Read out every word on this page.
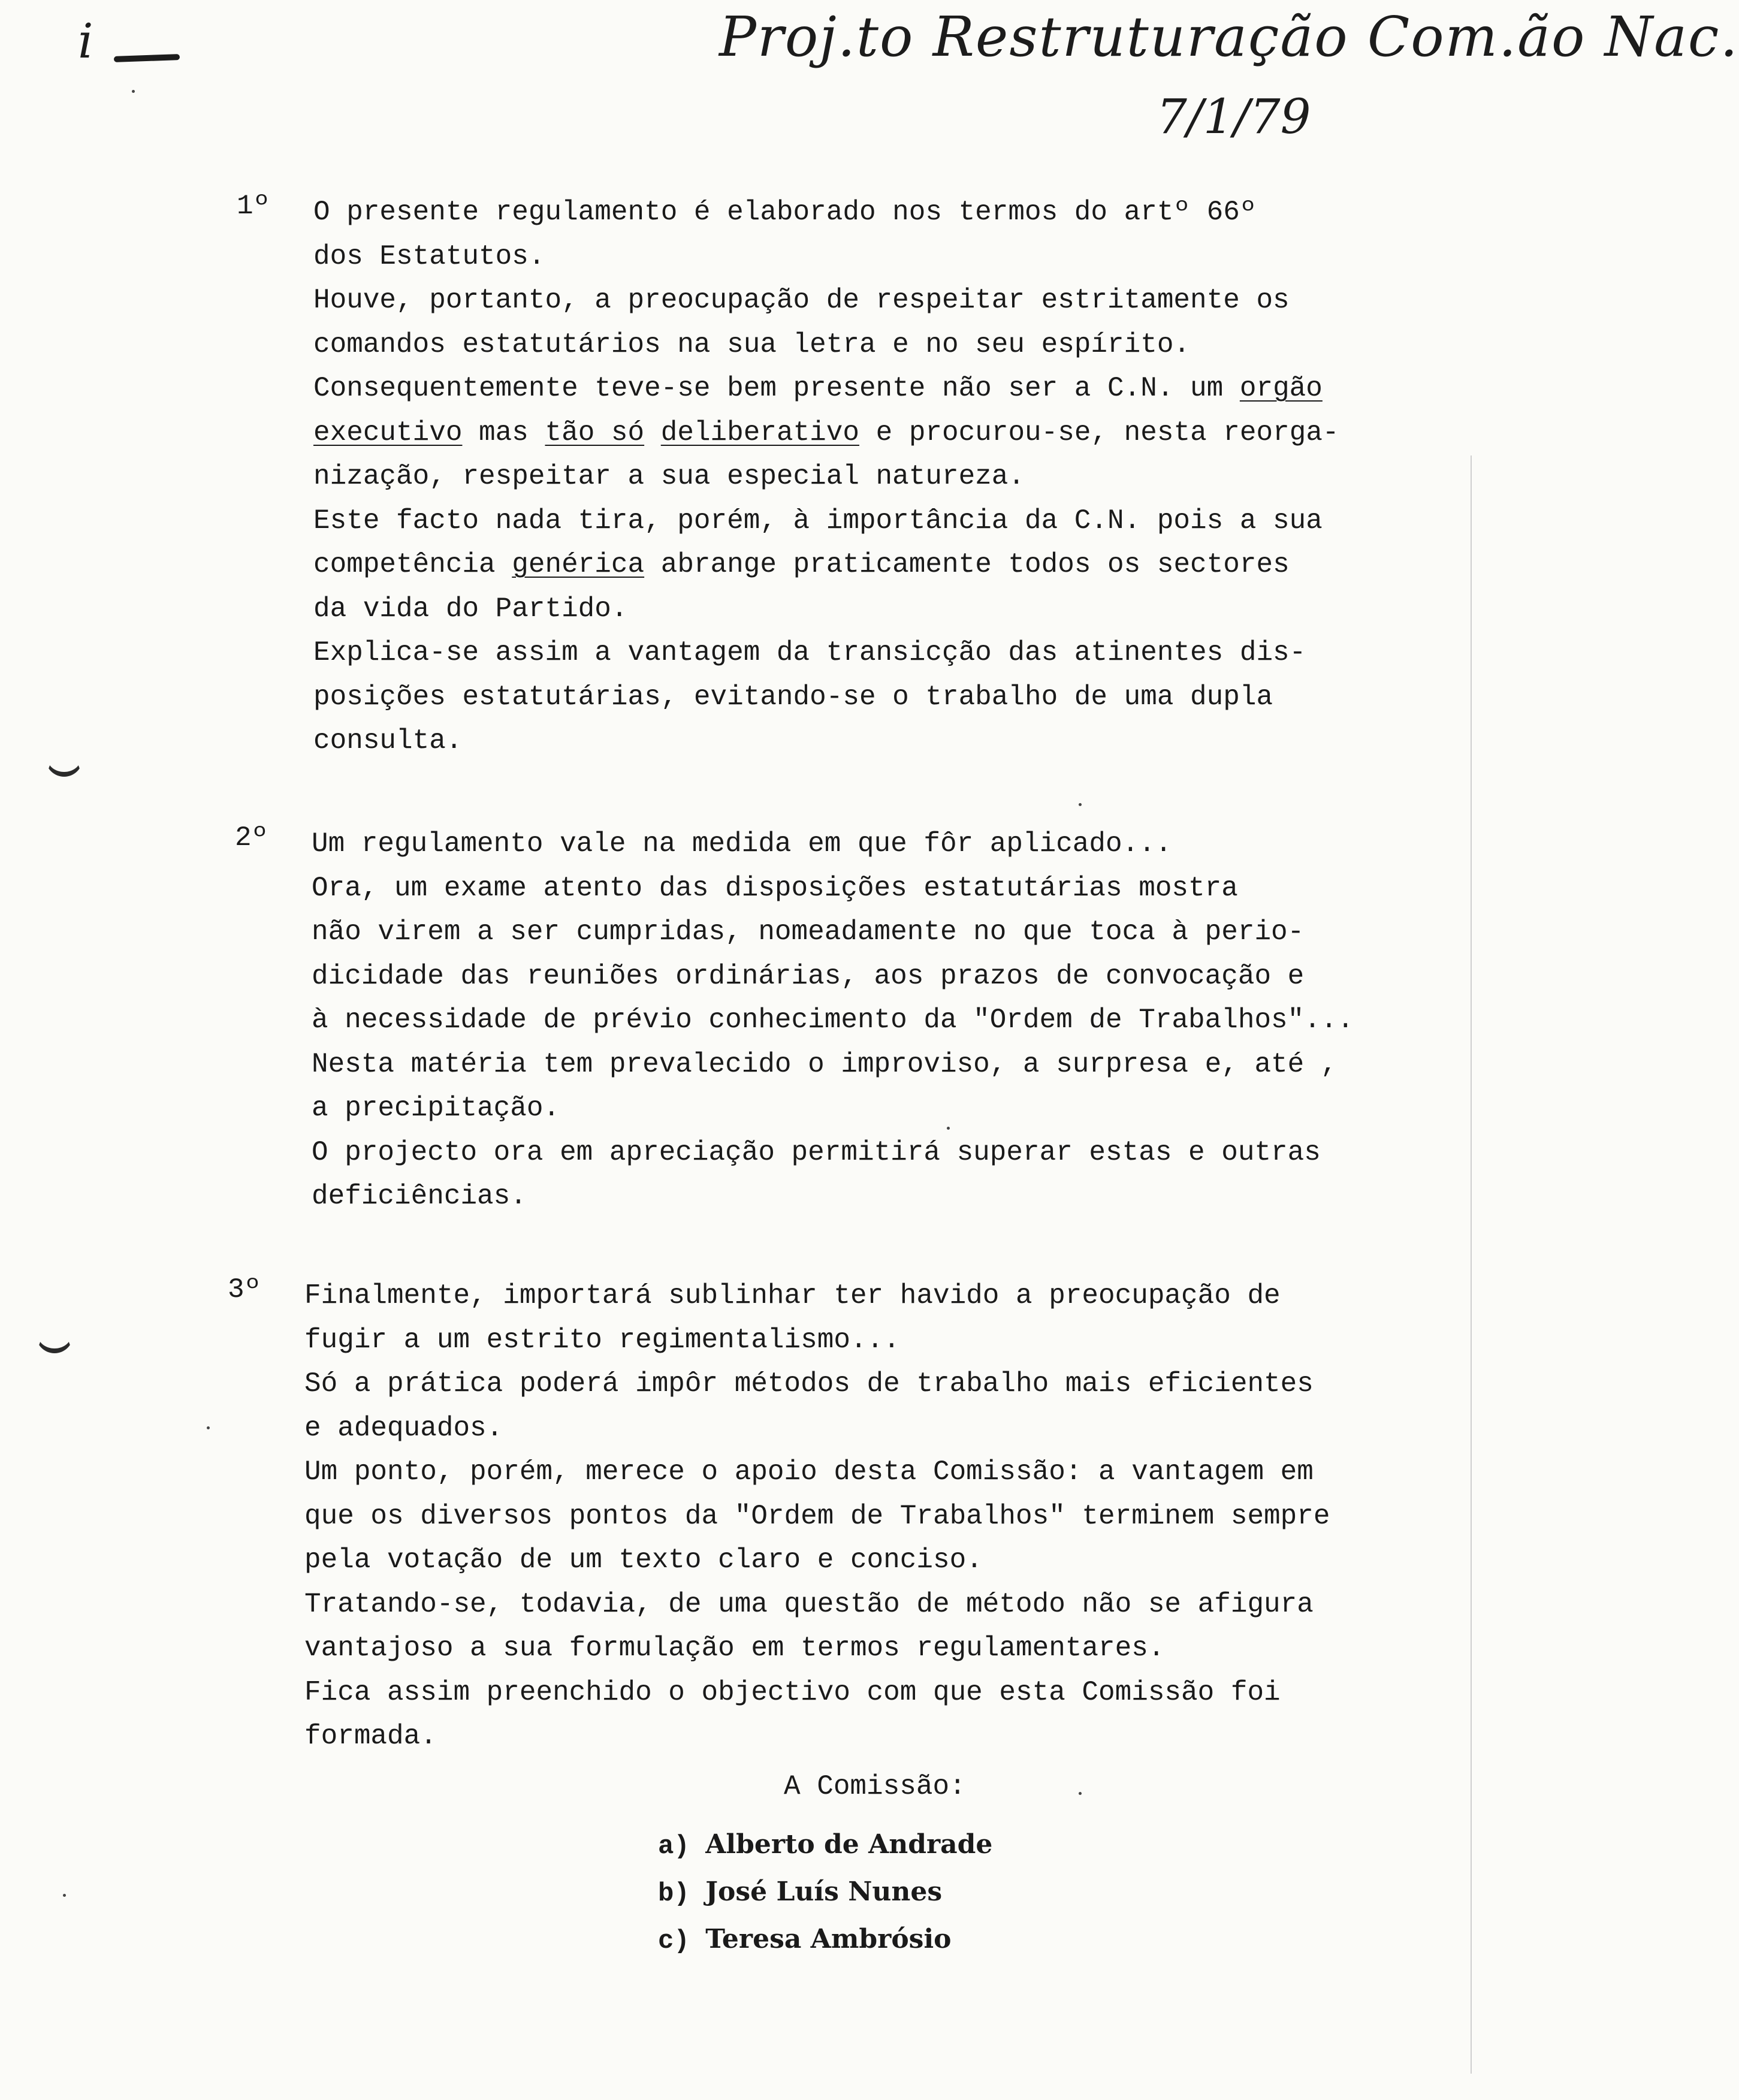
i	Proj.to Restruturação Com.ão Nac.
7/1/79
1º O presente regulamento é elaborado nos termos do artº 66º
dos Estatutos.
Houve, portanto, a preocupação de respeitar estritamente os
comandos estatutários na sua letra e no seu espírito.
Consequentemente teve-se bem presente não ser a C.N. um orgão
executivo mas tão só deliberativo e procurou-se, nesta reorga-
nização, respeitar a sua especial natureza.
Este facto nada tira, porém, à importância da C.N. pois a sua
competência genérica abrange praticamente todos os sectores
da vida do Partido.
Explica-se assim a vantagem da transicção das atinentes dis-
posições estatutárias, evitando-se o trabalho de uma dupla
consulta.
2º Um regulamento vale na medida em que fôr aplicado...
Ora, um exame atento das disposições estatutárias mostra
não virem a ser cumpridas, nomeadamente no que toca à perio-
dicidade das reuniões ordinárias, aos prazos de convocação e
à necessidade de prévio conhecimento da "Ordem de Trabalhos"...
Nesta matéria tem prevalecido o improviso, a surpresa e, até ,
a precipitação.
O projecto ora em apreciação permitirá superar estas e outras
deficiências.
3º Finalmente, importará sublinhar ter havido a preocupação de
fugir a um estrito regimentalismo...
Só a prática poderá impôr métodos de trabalho mais eficientes
e adequados.
Um ponto, porém, merece o apoio desta Comissão: a vantagem em
que os diversos pontos da "Ordem de Trabalhos" terminem sempre
pela votação de um texto claro e conciso.
Tratando-se, todavia, de uma questão de método não se afigura
vantajoso a sua formulação em termos regulamentares.
Fica assim preenchido o objectivo com que esta Comissão foi
formada.
A Comissão:
a) Alberto de Andrade
b) José Luís Nunes
c) Teresa Ambrósio
